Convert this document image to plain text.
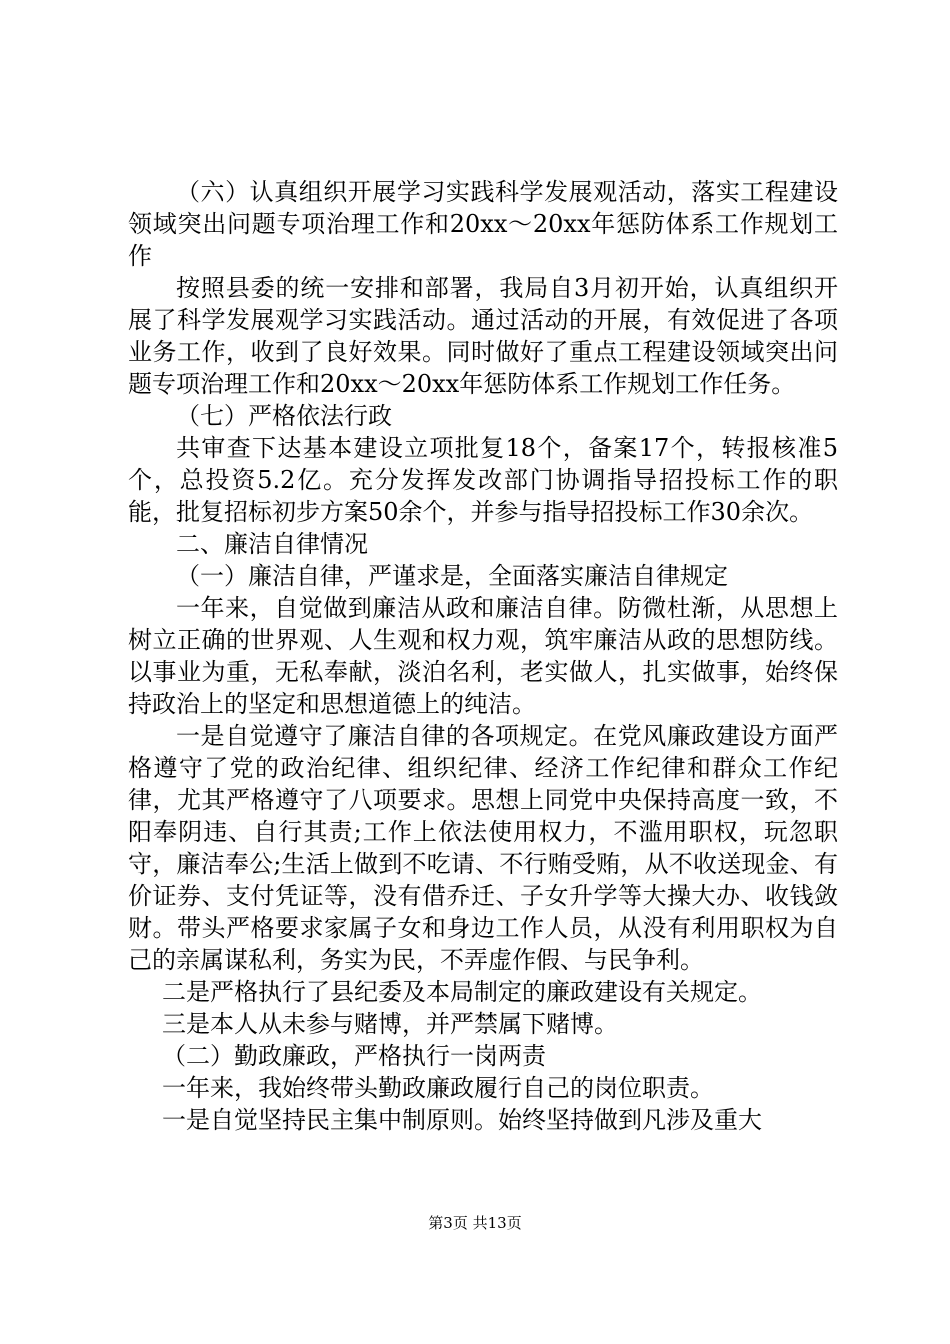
（六）认真组织开展学习实践科学发展观活动，落实工程建设领域突出问题专项治理工作和20xx～20xx年惩防体系工作规划工作

按照县委的统一安排和部署，我局自3月初开始，认真组织开展了科学发展观学习实践活动。通过活动的开展，有效促进了各项业务工作，收到了良好效果。同时做好了重点工程建设领域突出问题专项治理工作和20xx～20xx年惩防体系工作规划工作任务。

（七）严格依法行政

共审查下达基本建设立项批复18个，备案17个，转报核准5个，总投资5.2亿。充分发挥发改部门协调指导招投标工作的职能，批复招标初步方案50余个，并参与指导招投标工作30余次。

二、廉洁自律情况

（一）廉洁自律，严谨求是，全面落实廉洁自律规定

一年来，自觉做到廉洁从政和廉洁自律。防微杜渐，从思想上树立正确的世界观、人生观和权力观，筑牢廉洁从政的思想防线。以事业为重，无私奉献，淡泊名利，老实做人，扎实做事，始终保持政治上的坚定和思想道德上的纯洁。

一是自觉遵守了廉洁自律的各项规定。在党风廉政建设方面严格遵守了党的政治纪律、组织纪律、经济工作纪律和群众工作纪律，尤其严格遵守了八项要求。思想上同党中央保持高度一致，不阳奉阴违、自行其责;工作上依法使用权力，不滥用职权，玩忽职守，廉洁奉公;生活上做到不吃请、不行贿受贿，从不收送现金、有价证券、支付凭证等，没有借乔迁、子女升学等大操大办、收钱敛财。带头严格要求家属子女和身边工作人员，从没有利用职权为自己的亲属谋私利，务实为民，不弄虚作假、与民争利。

二是严格执行了县纪委及本局制定的廉政建设有关规定。

三是本人从未参与赌博，并严禁属下赌博。

（二）勤政廉政，严格执行一岗两责

一年来，我始终带头勤政廉政履行自己的岗位职责。

一是自觉坚持民主集中制原则。始终坚持做到凡涉及重大

第3页 共13页
